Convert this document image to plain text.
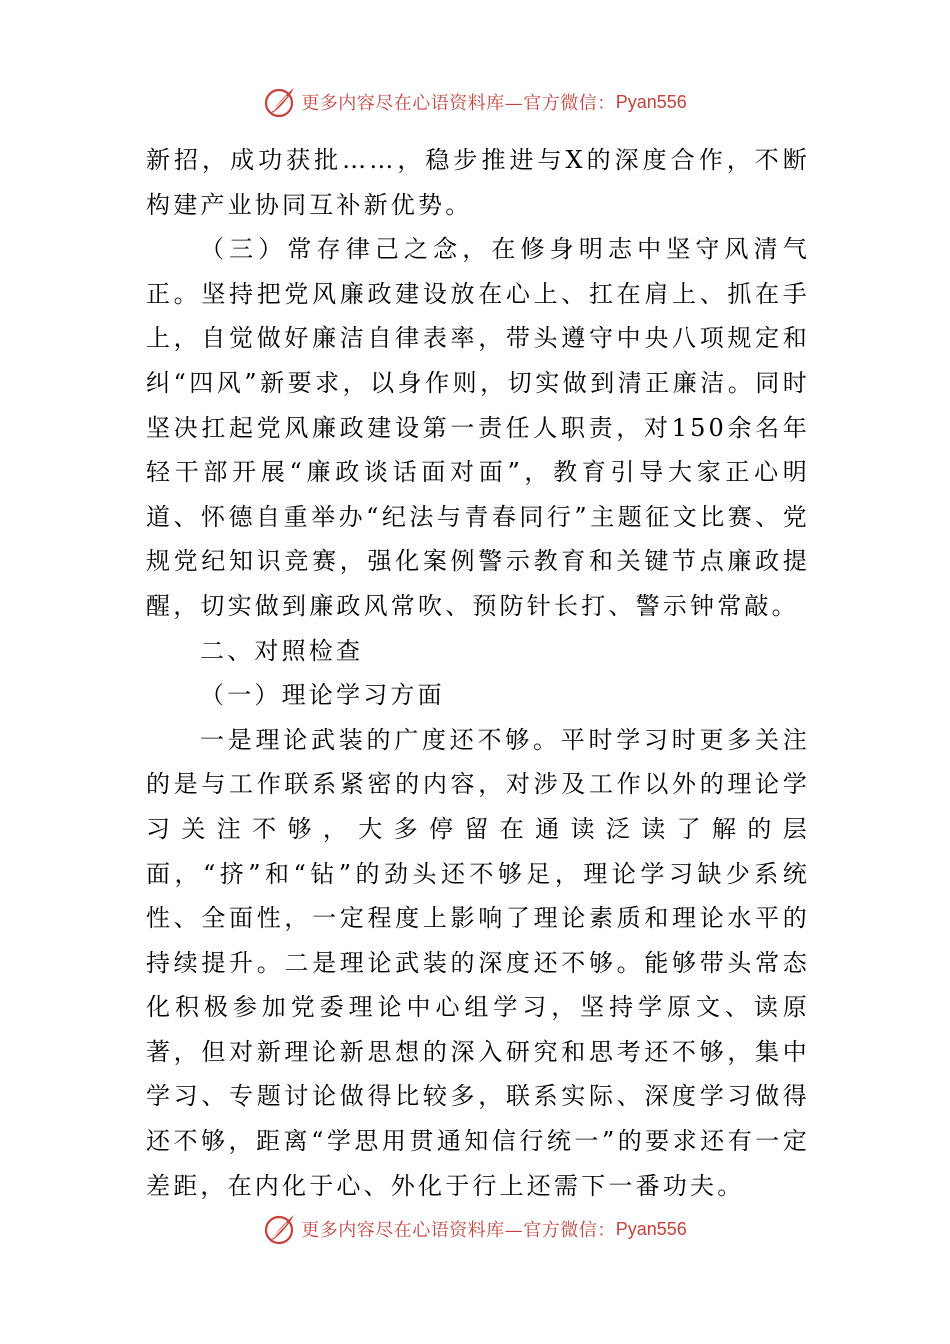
更多内容尽在心语资料库—官方微信： Pyan556

新招，成功获批……，稳步推进与X的深度合作，不断构建产业协同互补新优势。

（三）常存律己之念，在修身明志中坚守风清气正。坚持把党风廉政建设放在心上、扛在肩上、抓在手上，自觉做好廉洁自律表率，带头遵守中央八项规定和纠“四风”新要求，以身作则，切实做到清正廉洁。同时坚决扛起党风廉政建设第一责任人职责，对150余名年轻干部开展“廉政谈话面对面”，教育引导大家正心明道、怀德自重举办“纪法与青春同行”主题征文比赛、党规党纪知识竞赛，强化案例警示教育和关键节点廉政提醒，切实做到廉政风常吹、预防针长打、警示钟常敲。

二、对照检查

（一）理论学习方面

一是理论武装的广度还不够。平时学习时更多关注的是与工作联系紧密的内容，对涉及工作以外的理论学习关注不够，大多停留在通读泛读了解的层面，“挤”和“钻”的劲头还不够足，理论学习缺少系统性、全面性，一定程度上影响了理论素质和理论水平的持续提升。二是理论武装的深度还不够。能够带头常态化积极参加党委理论中心组学习，坚持学原文、读原著，但对新理论新思想的深入研究和思考还不够，集中学习、专题讨论做得比较多，联系实际、深度学习做得还不够，距离“学思用贯通知信行统一”的要求还有一定差距，在内化于心、外化于行上还需下一番功夫。

更多内容尽在心语资料库—官方微信： Pyan556
